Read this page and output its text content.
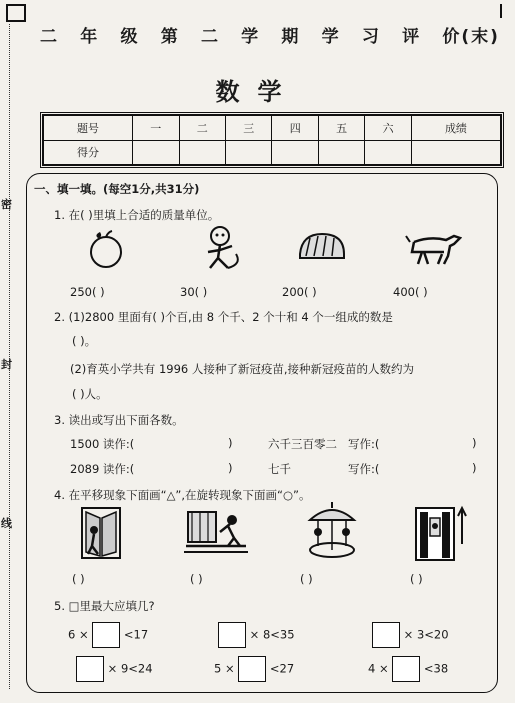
密
封
线
二 年 级 第 二 学 期 学 习 评 价(末)
数学
题号	一	二	三	四	五	六	成绩
得分							
一、填一填。(每空1分,共31分)
1. 在( )里填上合适的质量单位。
250( )	30( )	200( )	400( )
2. (1)2800 里面有( )个百,由 8 个千、2 个十和 4 个一组成的数是
( )。
(2)育英小学共有 1996 人接种了新冠疫苗,接种新冠疫苗的人数约为
( )人。
3. 读出或写出下面各数。
1500 读作:(	)	六千三百零二 写作:(	)
2089 读作:(	)	七千	写作:(	)
4. 在平移现象下面画“△”,在旋转现象下面画“○”。
( )	( )	( )	( )
5. □里最大应填几?
6 ×	<17	× 8<35	× 3<20
× 9<24	5 ×	<27	4 ×	<38
